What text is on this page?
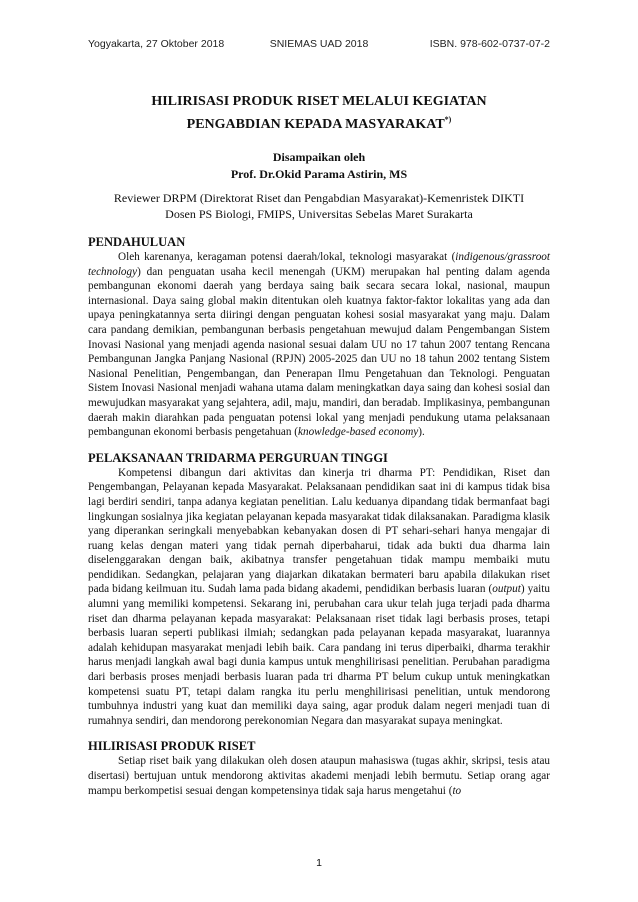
Yogyakarta, 27 Oktober 2018	SNIEMAS UAD 2018	ISBN. 978-602-0737-07-2
HILIRISASI PRODUK RISET MELALUI KEGIATAN
PENGABDIAN KEPADA MASYARAKAT*)
Disampaikan oleh
Prof. Dr.Okid Parama Astirin, MS
Reviewer DRPM (Direktorat Riset dan Pengabdian Masyarakat)-Kemenristek DIKTI
Dosen PS Biologi, FMIPS, Universitas Sebelas Maret Surakarta
PENDAHULUAN

Oleh karenanya, keragaman potensi daerah/lokal, teknologi masyarakat (indigenous/grassroot technology) dan penguatan usaha kecil menengah (UKM) merupakan hal penting dalam agenda pembangunan ekonomi daerah yang berdaya saing baik secara secara lokal, nasional, maupun internasional. Daya saing global makin ditentukan oleh kuatnya faktor-faktor lokalitas yang ada dan upaya peningkatannya serta diiringi dengan penguatan kohesi sosial masyarakat yang maju. Dalam cara pandang demikian, pembangunan berbasis pengetahuan mewujud dalam Pengembangan Sistem Inovasi Nasional yang menjadi agenda nasional sesuai dalam UU no 17 tahun 2007 tentang Rencana Pembangunan Jangka Panjang Nasional (RPJN) 2005-2025 dan UU no 18 tahun 2002 tentang Sistem Nasional Penelitian, Pengembangan, dan Penerapan Ilmu Pengetahuan dan Teknologi. Penguatan Sistem Inovasi Nasional menjadi wahana utama dalam meningkatkan daya saing dan kohesi sosial dan mewujudkan masyarakat yang sejahtera, adil, maju, mandiri, dan beradab. Implikasinya, pembangunan daerah makin diarahkan pada penguatan potensi lokal yang menjadi pendukung utama pelaksanaan pembangunan ekonomi berbasis pengetahuan (knowledge-based economy).

PELAKSANAAN TRIDARMA PERGURUAN TINGGI

Kompetensi dibangun dari aktivitas dan kinerja tri dharma PT: Pendidikan, Riset dan Pengembangan, Pelayanan kepada Masyarakat. Pelaksanaan pendidikan saat ini di kampus tidak bisa lagi berdiri sendiri, tanpa adanya kegiatan penelitian. Lalu keduanya dipandang tidak bermanfaat bagi lingkungan sosialnya jika kegiatan pelayanan kepada masyarakat tidak dilaksanakan. Paradigma klasik yang diperankan seringkali menyebabkan kebanyakan dosen di PT sehari-sehari hanya mengajar di ruang kelas dengan materi yang tidak pernah diperbaharui, tidak ada bukti dua dharma lain diselenggarakan dengan baik, akibatnya transfer pengetahuan tidak mampu membaiki mutu pendidikan. Sedangkan, pelajaran yang diajarkan dikatakan bermateri baru apabila dilakukan riset pada bidang keilmuan itu. Sudah lama pada bidang akademi, pendidikan berbasis luaran (output) yaitu alumni yang memiliki kompetensi. Sekarang ini, perubahan cara ukur telah juga terjadi pada dharma riset dan dharma pelayanan kepada masyarakat: Pelaksanaan riset tidak lagi berbasis proses, tetapi berbasis luaran seperti publikasi ilmiah; sedangkan pada pelayanan kepada masyarakat, luarannya adalah kehidupan masyarakat menjadi lebih baik. Cara pandang ini terus diperbaiki, dharma terakhir harus menjadi langkah awal bagi dunia kampus untuk menghilirisasi penelitian. Perubahan paradigma dari berbasis proses menjadi berbasis luaran pada tri dharma PT belum cukup untuk meningkatkan kompetensi suatu PT, tetapi dalam rangka itu perlu menghilirisasi penelitian, untuk mendorong tumbuhnya industri yang kuat dan memiliki daya saing, agar produk dalam negeri menjadi tuan di rumahnya sendiri, dan mendorong perekonomian Negara dan masyarakat supaya meningkat.

HILIRISASI PRODUK RISET

Setiap riset baik yang dilakukan oleh dosen ataupun mahasiswa (tugas akhir, skripsi, tesis atau disertasi) bertujuan untuk mendorong aktivitas akademi menjadi lebih bermutu. Setiap orang agar mampu berkompetisi sesuai dengan kompetensinya tidak saja harus mengetahui (to

1
